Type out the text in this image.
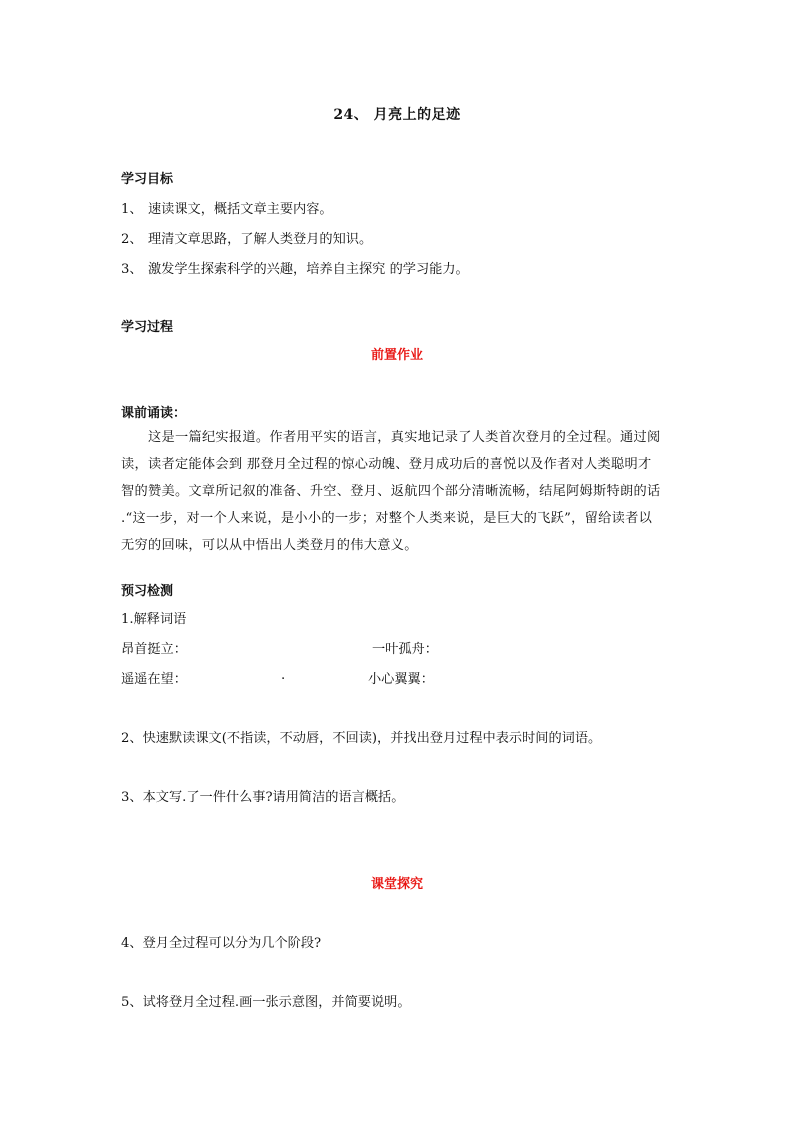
24、 月亮上的足迹
学习目标
1、 速读课文，概括文章主要内容。
2、 理清文章思路，了解人类登月的知识。
3、 激发学生探索科学的兴趣，培养自主探究 的学习能力。
学习过程
前置作业
课前诵读：

这是一篇纪实报道。作者用平实的语言，真实地记录了人类首次登月的全过程。通过阅

读，读者定能体会到 那登月全过程的惊心动魄、登月成功后的喜悦以及作者对人类聪明才

智的赞美。文章所记叙的准备、升空、登月、返航四个部分清晰流畅，结尾阿姆斯特朗的话

.“这一步，对一个人来说，是小小的一步；对整个人类来说，是巨大的飞跃”，留给读者以

无穷的回味，可以从中悟出人类登月的伟大意义。

预习检测
1.解释词语
昂首挺立：	一叶孤舟：
遥遥在望：	.	小心翼翼：
2、快速默读课文(不指读，不动唇，不回读)，并找出登月过程中表示时间的词语。
3、本文写.了一件什么事?请用简洁的语言概括。
课堂探究
4、登月全过程可以分为几个阶段?
5、试将登月全过程.画一张示意图，并简要说明。
